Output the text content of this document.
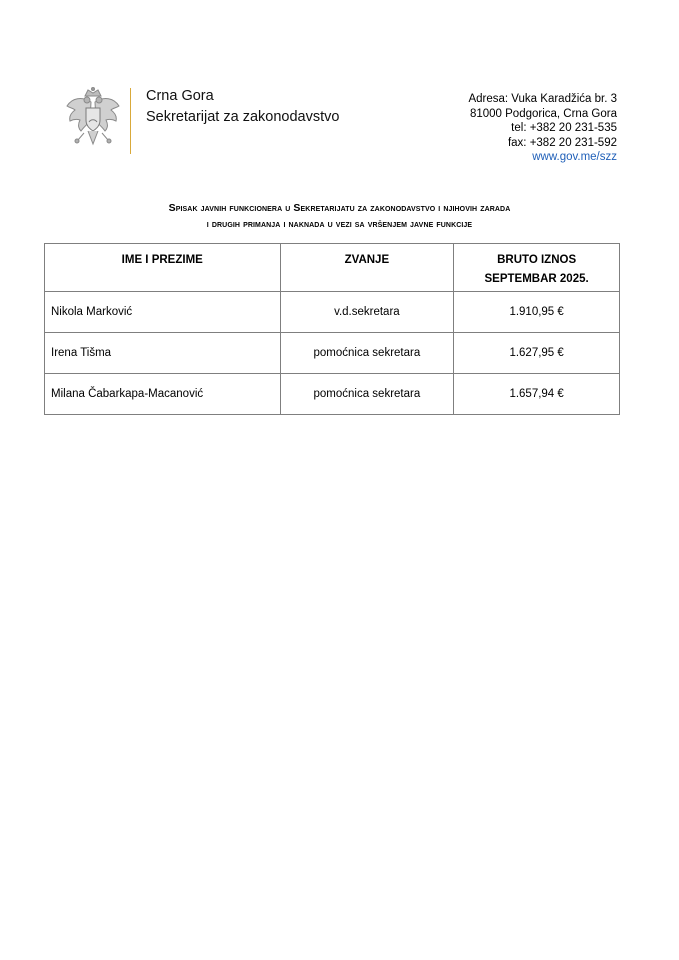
Crna Gora
Sekretarijat za zakonodavstvo
Adresa: Vuka Karadžića br. 3
81000 Podgorica, Crna Gora
tel: +382 20 231-535
fax: +382 20 231-592
www.gov.me/szz
Spisak javnih funkcionera u Sekretarijatu za zakonodavstvo i njihovih zarada
i drugih primanja i naknada u vezi sa vršenjem javne funkcije
IME I PREZIME	ZVANJE	BRUTO IZNOS
SEPTEMBAR 2025.

Nikola Marković	v.d.sekretara	1.910,95 €
Irena Tišma	pomoćnica sekretara	1.627,95 €
Milana Čabarkapa-Macanović	pomoćnica sekretara	1.657,94 €
